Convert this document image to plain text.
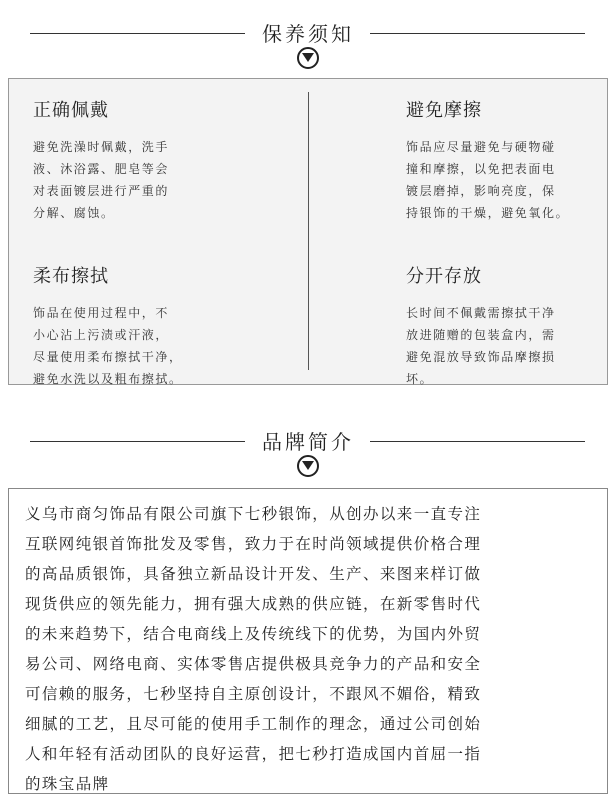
保养须知
正确佩戴
避免洗澡时佩戴，洗手
液、沐浴露、肥皂等会
对表面镀层进行严重的
分解、腐蚀。
避免摩擦
饰品应尽量避免与硬物碰
撞和摩擦，以免把表面电
镀层磨掉，影响亮度，保
持银饰的干燥，避免氧化。
柔布擦拭
饰品在使用过程中，不
小心沾上污渍或汗液，
尽量使用柔布擦拭干净，
避免水洗以及粗布擦拭。
分开存放
长时间不佩戴需擦拭干净
放进随赠的包装盒内，需
避免混放导致饰品摩擦损
坏。
品牌简介
义乌市商匀饰品有限公司旗下七秒银饰，从创办以来一直专注
互联网纯银首饰批发及零售，致力于在时尚领域提供价格合理
的高品质银饰，具备独立新品设计开发、生产、来图来样订做
现货供应的领先能力，拥有强大成熟的供应链，在新零售时代
的未来趋势下，结合电商线上及传统线下的优势，为国内外贸
易公司、网络电商、实体零售店提供极具竞争力的产品和安全
可信赖的服务，七秒坚持自主原创设计，不跟风不媚俗，精致
细腻的工艺，且尽可能的使用手工制作的理念，通过公司创始
人和年轻有活动团队的良好运营，把七秒打造成国内首屈一指
的珠宝品牌
